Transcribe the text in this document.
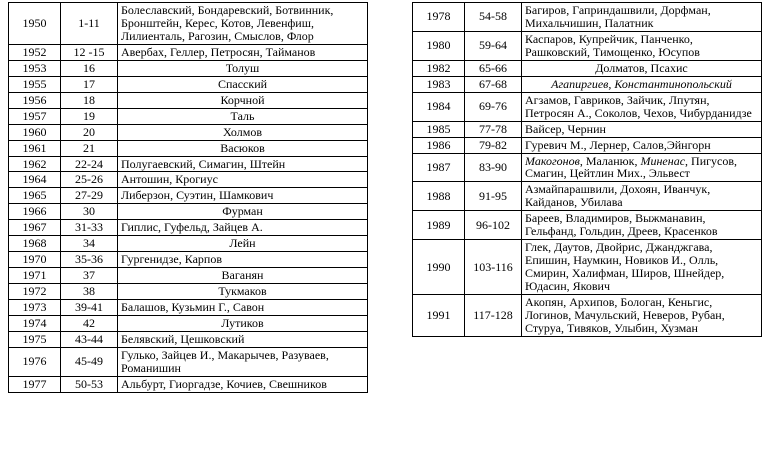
1950	1-11	Болеславский, Бондаревский, Ботвинник, Бронштейн, Керес, Котов, Левенфиш, Лилиенталь, Рагозин, Смыслов, Флор
1952	12 -15	Авербах, Геллер, Петросян, Тайманов
1953	16	Толуш
1955	17	Спасский
1956	18	Корчной
1957	19	Таль
1960	20	Холмов
1961	21	Васюков
1962	22-24	Полугаевский, Симагин, Штейн
1964	25-26	Антошин, Крогиус
1965	27-29	Либерзон, Суэтин, Шамкович
1966	30	Фурман
1967	31-33	Гиплис, Гуфельд, Зайцев А.
1968	34	Лейн
1970	35-36	Гургенидзе, Карпов
1971	37	Ваганян
1972	38	Тукмаков
1973	39-41	Балашов, Кузьмин Г., Савон
1974	42	Лутиков
1975	43-44	Белявский, Цешковский
1976	45-49	Гулько, Зайцев И., Макарычев, Разуваев, Романишин
1977	50-53	Альбурт, Гиоргадзе, Кочиев, Свешников
1978	54-58	Багиров, Гаприндашвили, Дорфман, Михальчишин, Палатник
1980	59-64	Каспаров, Купрейчик, Панченко, Рашковский, Тимощенко, Юсупов
1982	65-66	Долматов, Псахис
1983	67-68	Агапиргиев, Константинопольский
1984	69-76	Агзамов, Гавриков, Зайчик, Лпутян, Петросян А., Соколов, Чехов, Чибурданидзе
1985	77-78	Вайсер, Чернин
1986	79-82	Гуревич М., Лернер, Салов,Эйнгорн
1987	83-90	Макогонов, Маланюк, Миненас, Пигусов, Смагин, Цейтлин Мих., Эльвест
1988	91-95	Азмайпарашвили, Дохоян, Иванчук, Кайданов, Убилава
1989	96-102	Бареев, Владимиров, Выжманавин, Гельфанд, Гольдин, Дреев, Красенков
1990	103-116	Глек, Даутов, Двойрис, Джанджгава, Епишин, Наумкин, Новиков И., Олль, Смирин, Халифман, Широв, Шнейдер, Юдасин, Якович
1991	117-128	Акопян, Архипов, Бологан, Кеньгис, Логинов, Мачульский, Неверов, Рубан, Стуруа, Тивяков, Улыбин, Хузман
